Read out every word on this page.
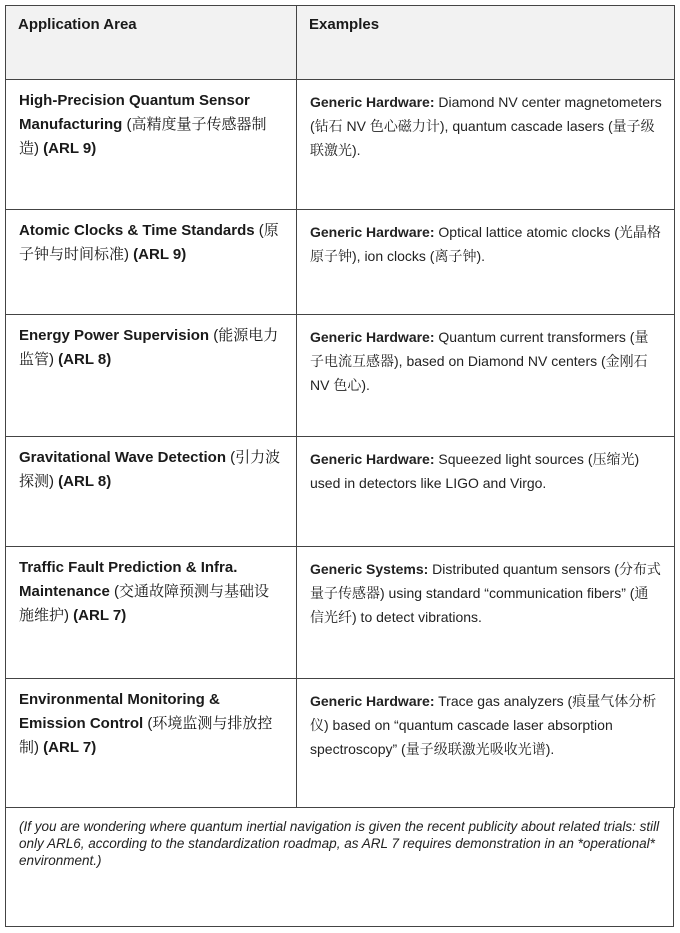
Application Area	Examples
High-Precision Quantum Sensor Manufacturing (高精度量子传感器制造) (ARL 9)	Generic Hardware: Diamond NV center magnetometers (钻石 NV 色心磁力计), quantum cascade lasers (量子级联激光).
Atomic Clocks & Time Standards (原子钟与时间标准) (ARL 9)	Generic Hardware: Optical lattice atomic clocks (光晶格原子钟), ion clocks (离子钟).
Energy Power Supervision (能源电力监管) (ARL 8)	Generic Hardware: Quantum current transformers (量子电流互感器), based on Diamond NV centers (金刚石 NV 色心).
Gravitational Wave Detection (引力波探测) (ARL 8)	Generic Hardware: Squeezed light sources (压缩光) used in detectors like LIGO and Virgo.
Traffic Fault Prediction & Infra. Maintenance (交通故障预测与基础设施维护) (ARL 7)	Generic Systems: Distributed quantum sensors (分布式量子传感器) using standard “communication fibers” (通信光纤) to detect vibrations.
Environmental Monitoring & Emission Control (环境监测与排放控制) (ARL 7)	Generic Hardware: Trace gas analyzers (痕量气体分析仪) based on “quantum cascade laser absorption spectroscopy” (量子级联激光吸收光谱).
(If you are wondering where quantum inertial navigation is given the recent publicity about related trials: still only ARL6, according to the standardization roadmap, as ARL 7 requires demonstration in an *operational* environment.)
